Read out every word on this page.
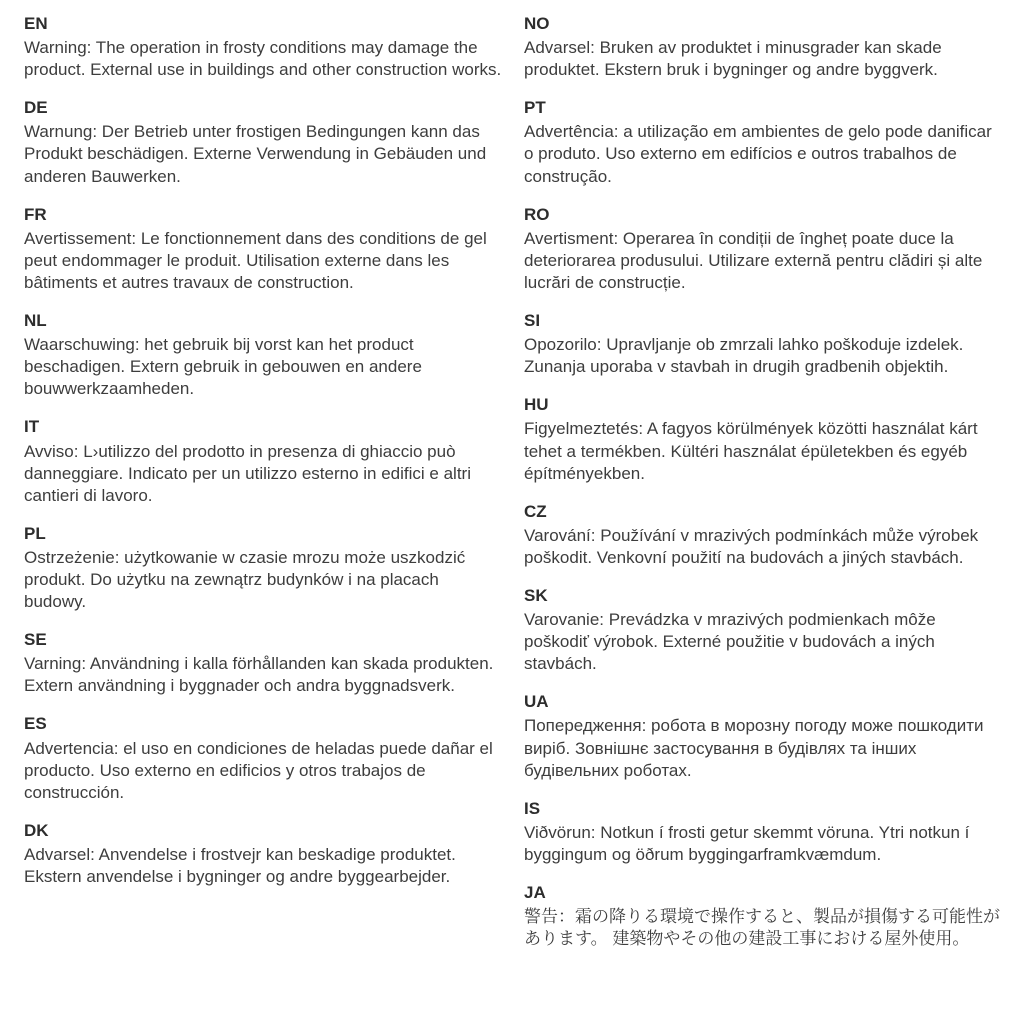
EN

Warning: The operation in frosty conditions may damage the product. External use in buildings and other construction works.

DE

Warnung: Der Betrieb unter frostigen Bedingungen kann das Produkt beschädigen. Externe Verwendung in Gebäuden und anderen Bauwerken.

FR

Avertissement: Le fonctionnement dans des conditions de gel peut endommager le produit. Utilisation externe dans les bâtiments et autres travaux de construction.

NL

Waarschuwing: het gebruik bij vorst kan het product beschadigen. Extern gebruik in gebouwen en andere bouwwerkzaamheden.

IT

Avviso: L›utilizzo del prodotto in presenza di ghiaccio può danneggiare. Indicato per un utilizzo esterno in edifici e altri cantieri di lavoro.

PL

Ostrzeżenie: użytkowanie w czasie mrozu może uszkodzić produkt. Do użytku na zewnątrz budynków i na placach budowy.

SE

Varning: Användning i kalla förhållanden kan skada produkten. Extern användning i byggnader och andra byggnadsverk.

ES

Advertencia: el uso en condiciones de heladas puede dañar el producto. Uso externo en edificios y otros trabajos de construcción.

DK

Advarsel: Anvendelse i frostvejr kan beskadige produktet. Ekstern anvendelse i bygninger og andre byggearbejder.

NO

Advarsel: Bruken av produktet i minusgrader kan skade produktet. Ekstern bruk i bygninger og andre byggverk.

PT

Advertência: a utilização em ambientes de gelo pode danificar o produto. Uso externo em edifícios e outros trabalhos de construção.

RO

Avertisment: Operarea în condiții de îngheț poate duce la deteriorarea produsului. Utilizare externă pentru clădiri și alte lucrări de construcție.

SI

Opozorilo: Upravljanje ob zmrzali lahko poškoduje izdelek. Zunanja uporaba v stavbah in drugih gradbenih objektih.

HU

Figyelmeztetés: A fagyos körülmények közötti használat kárt tehet a termékben. Kültéri használat épületekben és egyéb építményekben.

CZ

Varování: Používání v mrazivých podmínkách může výrobek poškodit. Venkovní použití na budovách a jiných stavbách.

SK

Varovanie: Prevádzka v mrazivých podmienkach môže poškodiť výrobok. Externé použitie v budovách a iných stavbách.

UA

Попередження: робота в морозну погоду може пошкодити виріб. Зовнішнє застосування в будівлях та інших будівельних роботах.

IS

Viðvörun: Notkun í frosti getur skemmt vöruna. Ytri notkun í byggingum og öðrum byggingarframkvæmdum.

JA

警告：霜の降りる環境で操作すると、製品が損傷する可能性があります。 建築物やその他の建設工事における屋外使用。
